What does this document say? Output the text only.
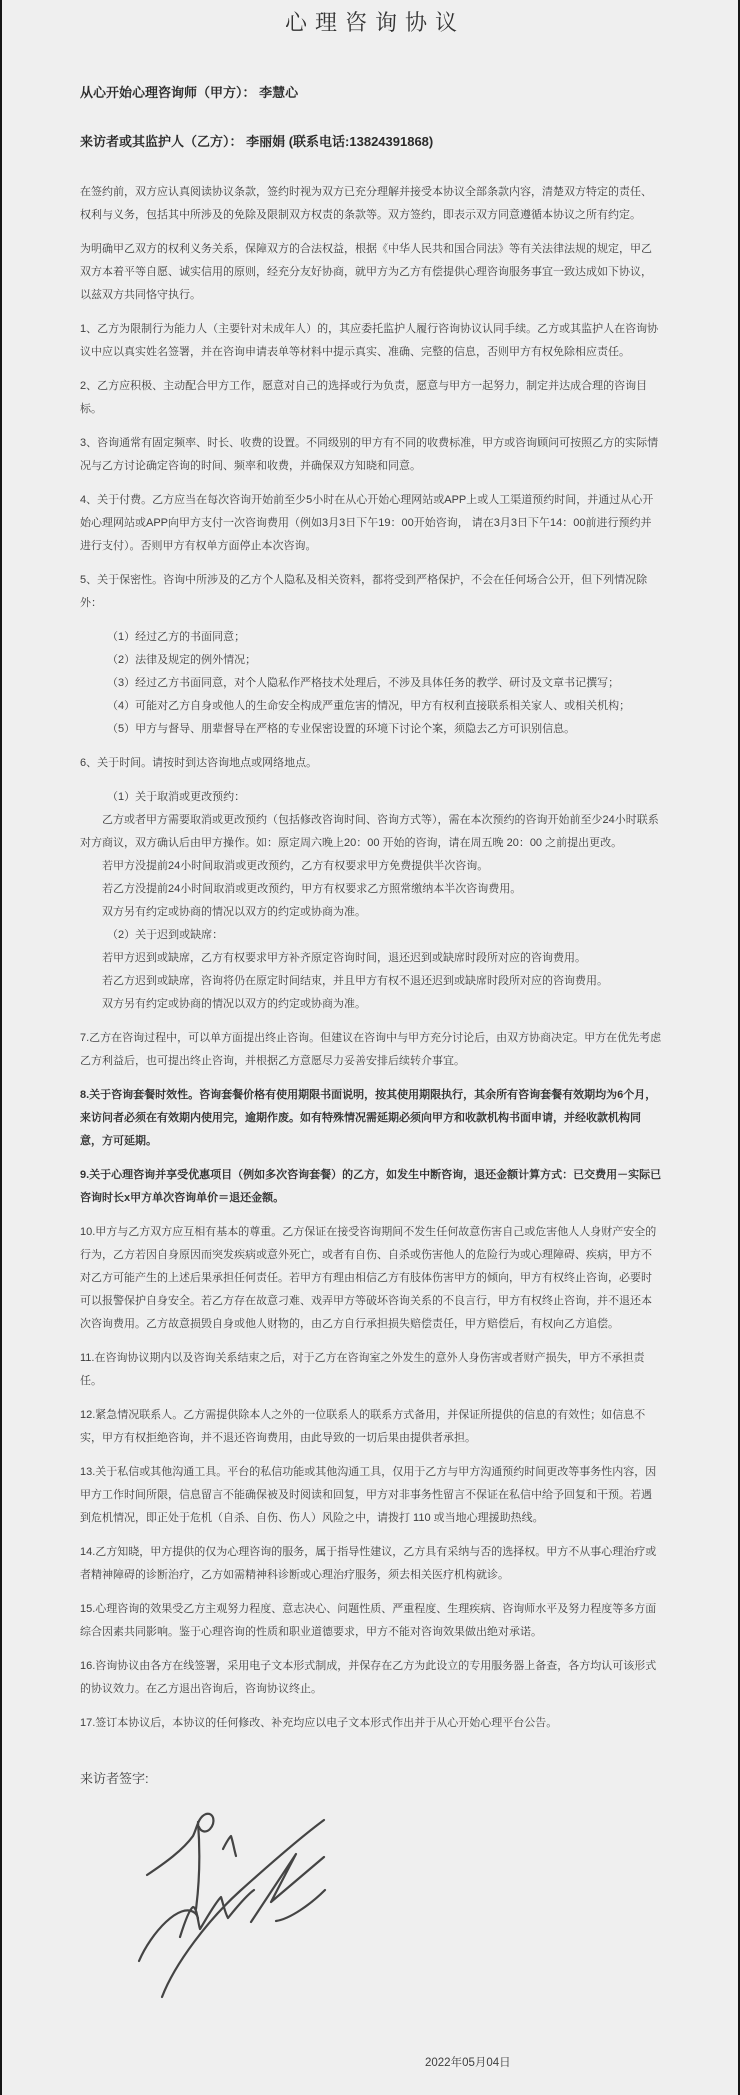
心理咨询协议
从心开始心理咨询师（甲方）： 李慧心
来访者或其监护人（乙方）： 李丽娟 (联系电话:13824391868)

在签约前，双方应认真阅读协议条款，签约时视为双方已充分理解并接受本协议全部条款内容，清楚双方特定的责任、权利与义务，包括其中所涉及的免除及限制双方权责的条款等。双方签约，即表示双方同意遵循本协议之所有约定。

为明确甲乙双方的权利义务关系，保障双方的合法权益，根据《中华人民共和国合同法》等有关法律法规的规定，甲乙双方本着平等自愿、诚实信用的原则，经充分友好协商，就甲方为乙方有偿提供心理咨询服务事宜一致达成如下协议，以兹双方共同恪守执行。

1、乙方为限制行为能力人（主要针对未成年人）的，其应委托监护人履行咨询协议认同手续。乙方或其监护人在咨询协议中应以真实姓名签署，并在咨询申请表单等材料中提示真实、准确、完整的信息，否则甲方有权免除相应责任。

2、乙方应积极、主动配合甲方工作，愿意对自己的选择或行为负责，愿意与甲方一起努力，制定并达成合理的咨询目标。

3、咨询通常有固定频率、时长、收费的设置。不同级别的甲方有不同的收费标准，甲方或咨询顾问可按照乙方的实际情况与乙方讨论确定咨询的时间、频率和收费，并确保双方知晓和同意。

4、关于付费。乙方应当在每次咨询开始前至少5小时在从心开始心理网站或APP上或人工渠道预约时间，并通过从心开始心理网站或APP向甲方支付一次咨询费用（例如3月3日下午19：00开始咨询， 请在3月3日下午14：00前进行预约并进行支付）。否则甲方有权单方面停止本次咨询。

5、关于保密性。咨询中所涉及的乙方个人隐私及相关资料，都将受到严格保护，不会在任何场合公开，但下列情况除外：

（1）经过乙方的书面同意；

（2）法律及规定的例外情况；

（3）经过乙方书面同意，对个人隐私作严格技术处理后，不涉及具体任务的教学、研讨及文章书记撰写；

（4）可能对乙方自身或他人的生命安全构成严重危害的情况，甲方有权利直接联系相关家人、或相关机构；

（5）甲方与督导、朋辈督导在严格的专业保密设置的环境下讨论个案，须隐去乙方可识别信息。

6、关于时间。请按时到达咨询地点或网络地点。

（1）关于取消或更改预约：

乙方或者甲方需要取消或更改预约（包括修改咨询时间、咨询方式等），需在本次预约的咨询开始前至少24小时联系对方商议，双方确认后由甲方操作。如：原定周六晚上20：00 开始的咨询，请在周五晚 20：00 之前提出更改。

若甲方没提前24小时间取消或更改预约，乙方有权要求甲方免费提供半次咨询。

若乙方没提前24小时间取消或更改预约，甲方有权要求乙方照常缴纳本半次咨询费用。

双方另有约定或协商的情况以双方的约定或协商为准。

（2）关于迟到或缺席：

若甲方迟到或缺席，乙方有权要求甲方补齐原定咨询时间，退还迟到或缺席时段所对应的咨询费用。

若乙方迟到或缺席，咨询将仍在原定时间结束，并且甲方有权不退还迟到或缺席时段所对应的咨询费用。

双方另有约定或协商的情况以双方的约定或协商为准。

7.乙方在咨询过程中，可以单方面提出终止咨询。但建议在咨询中与甲方充分讨论后，由双方协商决定。甲方在优先考虑乙方利益后，也可提出终止咨询，并根据乙方意愿尽力妥善安排后续转介事宜。

8.关于咨询套餐时效性。咨询套餐价格有使用期限书面说明，按其使用期限执行，其余所有咨询套餐有效期均为6个月，来访问者必须在有效期内使用完，逾期作废。如有特殊情况需延期必须向甲方和收款机构书面申请，并经收款机构同意，方可延期。

9.关于心理咨询并享受优惠项目（例如多次咨询套餐）的乙方，如发生中断咨询，退还金额计算方式：已交费用－实际已咨询时长x甲方单次咨询单价＝退还金额。

10.甲方与乙方双方应互相有基本的尊重。乙方保证在接受咨询期间不发生任何故意伤害自己或危害他人人身财产安全的行为，乙方若因自身原因而突发疾病或意外死亡，或者有自伤、自杀或伤害他人的危险行为或心理障碍、疾病，甲方不对乙方可能产生的上述后果承担任何责任。若甲方有理由相信乙方有肢体伤害甲方的倾向，甲方有权终止咨询，必要时可以报警保护自身安全。若乙方存在故意刁难、戏弄甲方等破坏咨询关系的不良言行，甲方有权终止咨询，并不退还本次咨询费用。乙方故意损毁自身或他人财物的，由乙方自行承担损失赔偿责任，甲方赔偿后，有权向乙方追偿。

11.在咨询协议期内以及咨询关系结束之后，对于乙方在咨询室之外发生的意外人身伤害或者财产损失，甲方不承担责任。

12.紧急情况联系人。乙方需提供除本人之外的一位联系人的联系方式备用，并保证所提供的信息的有效性；如信息不实，甲方有权拒绝咨询，并不退还咨询费用，由此导致的一切后果由提供者承担。

13.关于私信或其他沟通工具。平台的私信功能或其他沟通工具，仅用于乙方与甲方沟通预约时间更改等事务性内容，因甲方工作时间所限，信息留言不能确保被及时阅读和回复，甲方对非事务性留言不保证在私信中给予回复和干预。若遇到危机情况，即正处于危机（自杀、自伤、伤人）风险之中，请拨打 110 或当地心理援助热线。

14.乙方知晓，甲方提供的仅为心理咨询的服务，属于指导性建议，乙方具有采纳与否的选择权。甲方不从事心理治疗或者精神障碍的诊断治疗，乙方如需精神科诊断或心理治疗服务，须去相关医疗机构就诊。

15.心理咨询的效果受乙方主观努力程度、意志决心、问题性质、严重程度、生理疾病、咨询师水平及努力程度等多方面综合因素共同影响。鉴于心理咨询的性质和职业道德要求，甲方不能对咨询效果做出绝对承诺。

16.咨询协议由各方在线签署，采用电子文本形式制成，并保存在乙方为此设立的专用服务器上备查，各方均认可该形式的协议效力。在乙方退出咨询后，咨询协议终止。

17.签订本协议后，本协议的任何修改、补充均应以电子文本形式作出并于从心开始心理平台公告。

来访者签字:
2022年05月04日
